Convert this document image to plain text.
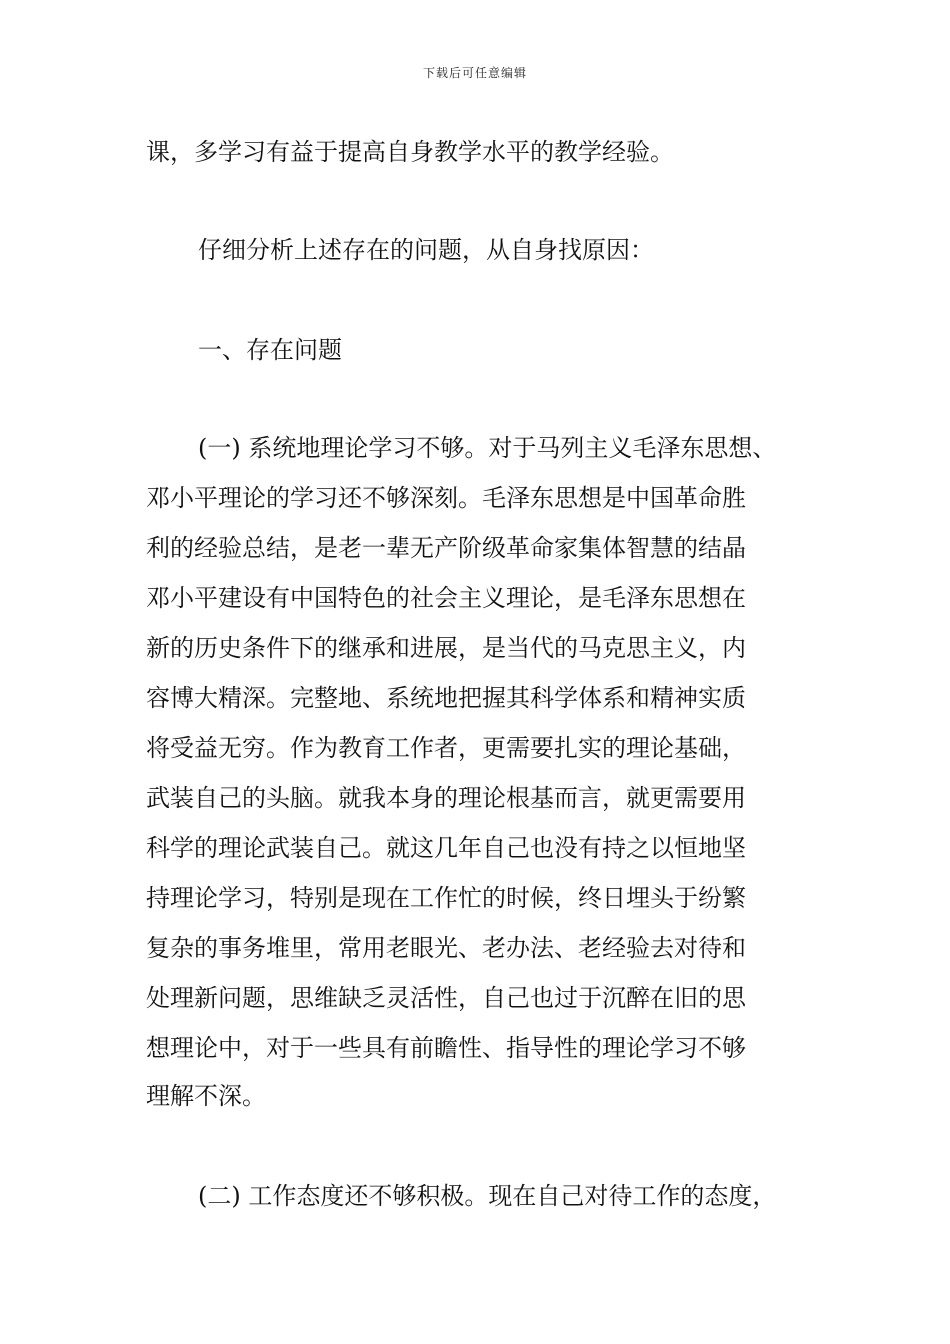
下载后可任意编辑
课，多学习有益于提高自身教学水平的教学经验。
仔细分析上述存在的问题，从自身找原因：
一、存在问题
(一) 系统地理论学习不够。对于马列主义毛泽东思想、
邓小平理论的学习还不够深刻。毛泽东思想是中国革命胜
利的经验总结，是老一辈无产阶级革命家集体智慧的结晶
邓小平建设有中国特色的社会主义理论，是毛泽东思想在
新的历史条件下的继承和进展，是当代的马克思主义，内
容博大精深。完整地、系统地把握其科学体系和精神实质
将受益无穷。作为教育工作者，更需要扎实的理论基础，
武装自己的头脑。就我本身的理论根基而言，就更需要用
科学的理论武装自己。就这几年自己也没有持之以恒地坚
持理论学习，特别是现在工作忙的时候，终日埋头于纷繁
复杂的事务堆里，常用老眼光、老办法、老经验去对待和
处理新问题，思维缺乏灵活性，自己也过于沉醉在旧的思
想理论中，对于一些具有前瞻性、指导性的理论学习不够
理解不深。
(二) 工作态度还不够积极。现在自己对待工作的态度，
